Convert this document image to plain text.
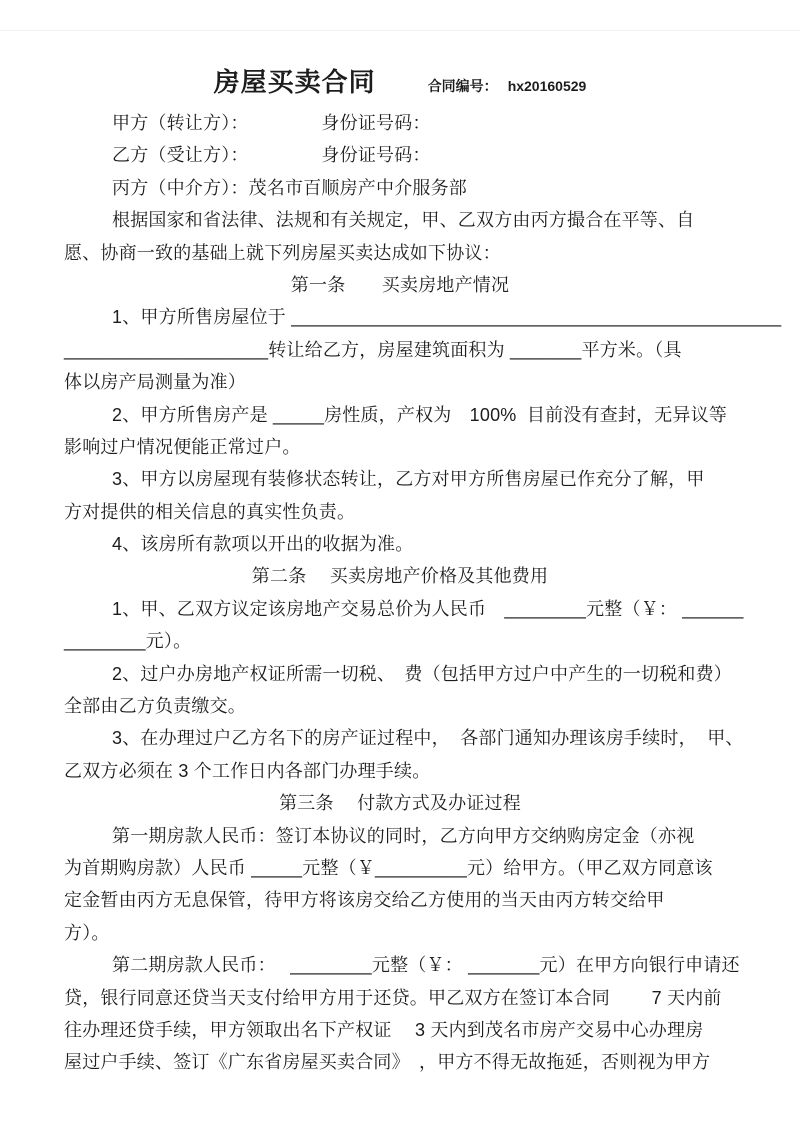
房屋买卖合同	合同编号： hx20160529
甲方（转让方）：              身份证号码：
乙方（受让方）：              身份证号码：
丙方（中介方）：茂名市百顺房产中介服务部
根据国家和省法律、法规和有关规定，甲、乙双方由丙方撮合在平等、自
愿、协商一致的基础上就下列房屋买卖达成如下协议：
第一条　　买卖房地产情况
1、甲方所售房屋位于 ________________________________________________
____________________转让给乙方，房屋建筑面积为 _______平方米。（具
体以房产局测量为准）
2、甲方所售房产是 _____房性质，产权为　100%  目前没有查封，无异议等
影响过户情况便能正常过户。
3、甲方以房屋现有装修状态转让，乙方对甲方所售房屋已作充分了解，甲
方对提供的相关信息的真实性负责。
4、该房所有款项以开出的收据为准。
第二条　 买卖房地产价格及其他费用
1、甲、乙双方议定该房地产交易总价为人民币　________元整（￥： ______
________元）。
2、过户办房地产权证所需一切税、　费（包括甲方过户中产生的一切税和费）
全部由乙方负责缴交。
3、在办理过户乙方名下的房产证过程中，  各部门通知办理该房手续时，  甲、
乙双方必须在 3 个工作日内各部门办理手续。
第三条　 付款方式及办证过程
第一期房款人民币：签订本协议的同时，乙方向甲方交纳购房定金（亦视
为首期购房款）人民币 _____元整（￥_________元）给甲方。（甲乙双方同意该
定金暂由丙方无息保管，待甲方将该房交给乙方使用的当天由丙方转交给甲
方）。
第二期房款人民币：　 ________元整（￥： _______元）在甲方向银行申请还
贷，银行同意还贷当天支付给甲方用于还贷。甲乙双方在签订本合同　　 7 天内前
往办理还贷手续，甲方领取出名下产权证　 3 天内到茂名市房产交易中心办理房
屋过户手续、签订《广东省房屋买卖合同》　，甲方不得无故拖延，否则视为甲方
